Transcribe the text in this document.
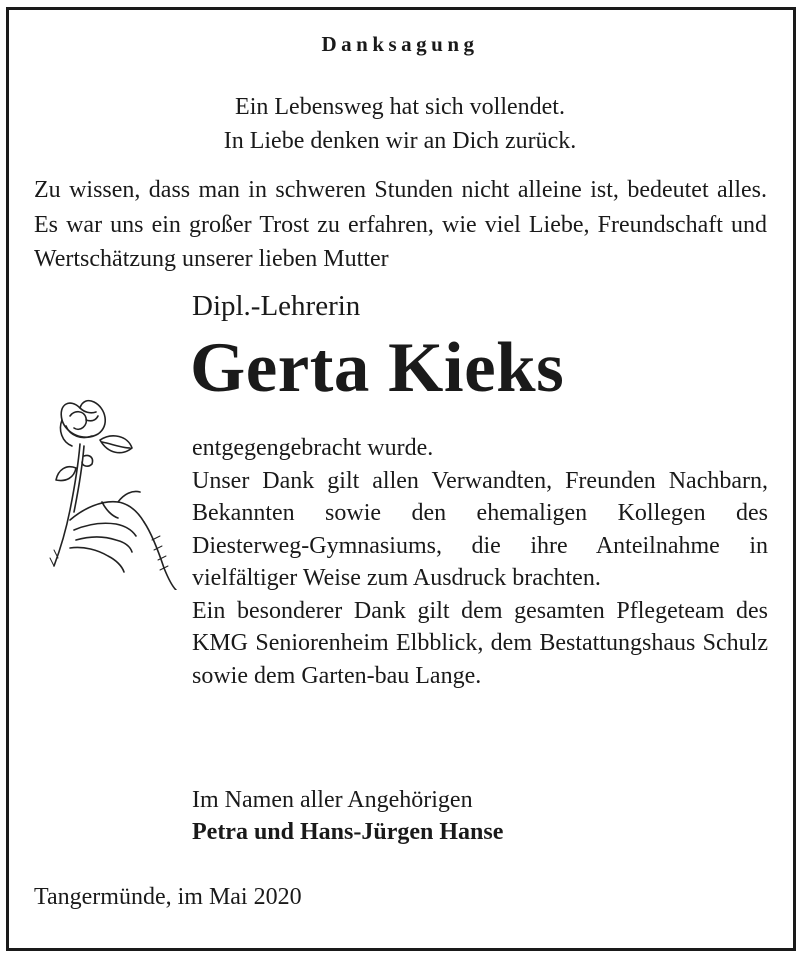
Danksagung
Ein Lebensweg hat sich vollendet.
In Liebe denken wir an Dich zurück.

Zu wissen, dass man in schweren Stunden nicht alleine ist, bedeutet alles. Es war uns ein großer Trost zu erfahren, wie viel Liebe, Freundschaft und Wertschätzung unserer lieben Mutter

Dipl.-Lehrerin
Gerta Kieks

entgegengebracht wurde.

Unser Dank gilt allen Verwandten, Freunden Nachbarn, Bekannten sowie den ehemaligen Kollegen des Diesterweg-Gymnasiums, die ihre Anteilnahme in vielfältiger Weise zum Ausdruck brachten.

Ein besonderer Dank gilt dem gesamten Pflegeteam des KMG Seniorenheim Elbblick, dem Bestattungshaus Schulz sowie dem Garten-bau Lange.

Im Namen aller Angehörigen
Petra und Hans-Jürgen Hanse
Tangermünde, im Mai 2020
